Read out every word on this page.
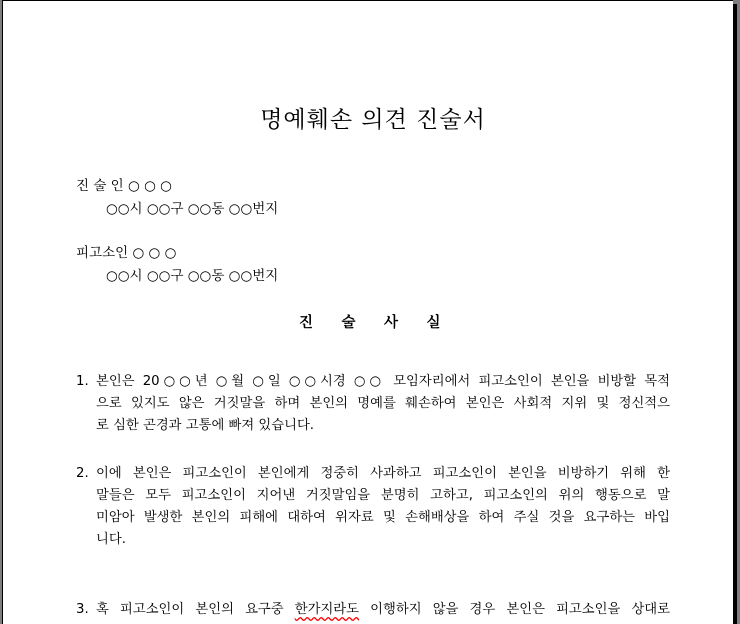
명예훼손 의견 진술서
진 술 인 ○ ○ ○
○○시 ○○구 ○○동 ○○번지
피고소인 ○ ○ ○
○○시 ○○구 ○○동 ○○번지
진 술 사 실
1. 본인은 20○○년 ○월 ○일 ○○시경 ○○ 모임자리에서 피고소인이 본인을 비방할 목적
으로 있지도 않은 거짓말을 하며 본인의 명예를 훼손하여 본인은 사회적 지위 및 정신적으
로 심한 곤경과 고통에 빠져 있습니다.
2. 이에 본인은 피고소인이 본인에게 정중히 사과하고 피고소인이 본인을 비방하기 위해 한
말들은 모두 피고소인이 지어낸 거짓말임을 분명히 고하고, 피고소인의 위의 행동으로 말
미암아 발생한 본인의 피해에 대하여 위자료 및 손해배상을 하여 주실 것을 요구하는 바입
니다.
3. 혹 피고소인이 본인의 요구중 한가지라도 이행하지 않을 경우 본인은 피고소인을 상대로
